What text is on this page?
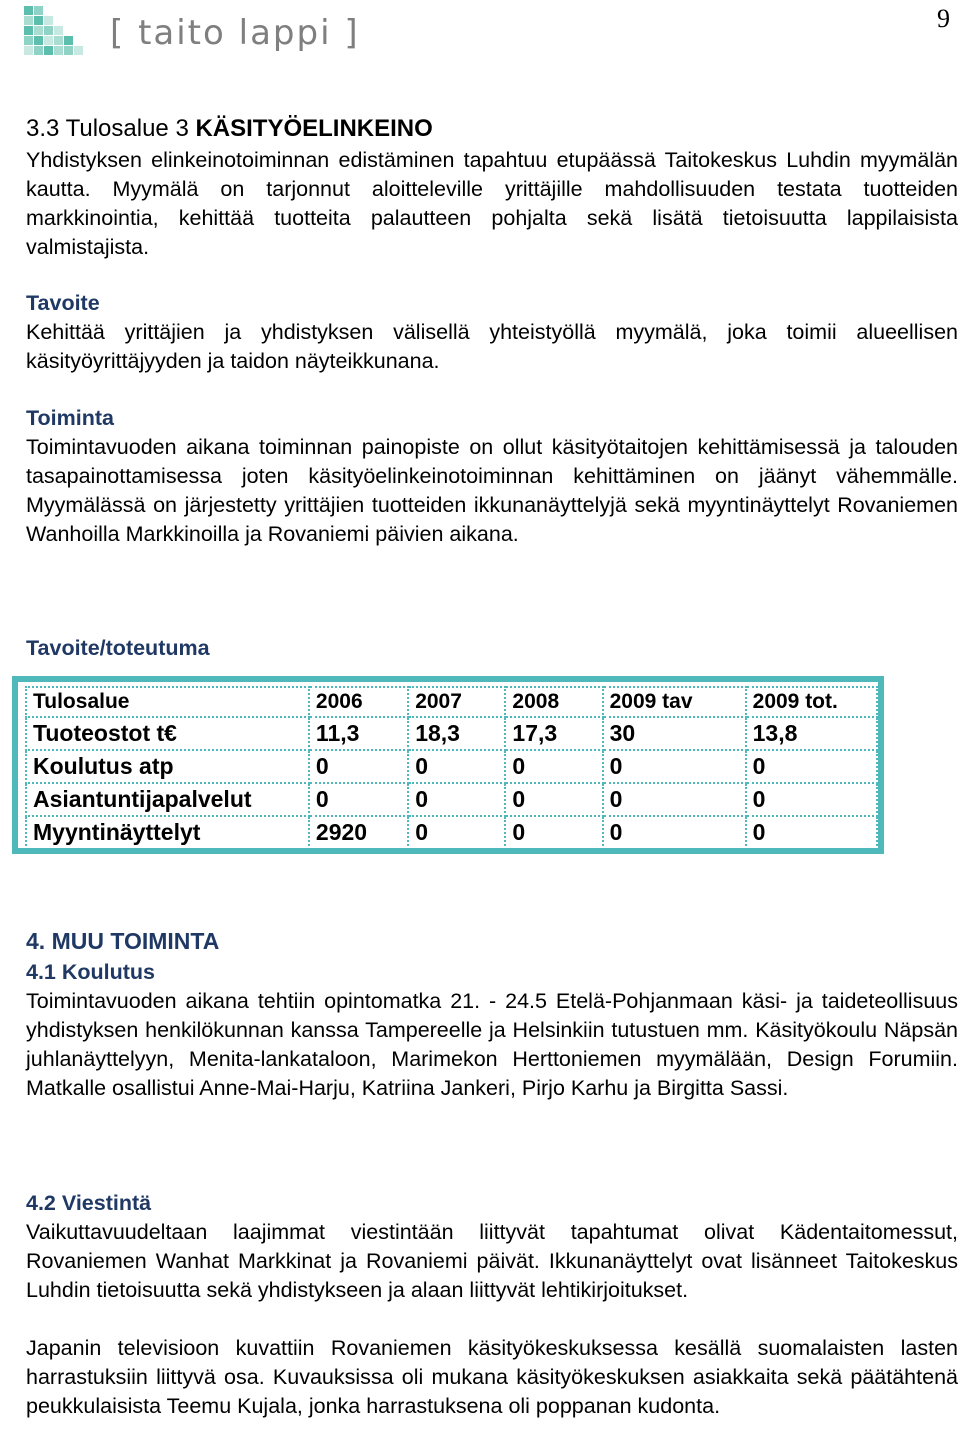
[ taito lappi ]	9
3.3 Tulosalue 3 KÄSITYÖELINKEINO
Yhdistyksen elinkeinotoiminnan edistäminen tapahtuu etupäässä Taitokeskus Luhdin myymälän kautta. Myymälä on tarjonnut aloitteleville yrittäjille mahdollisuuden testata tuotteiden markkinointia, kehittää tuotteita palautteen pohjalta sekä lisätä tietoisuutta lappilaisista valmistajista.
Tavoite
Kehittää yrittäjien ja yhdistyksen välisellä yhteistyöllä myymälä, joka toimii alueellisen käsityöyrittäjyyden ja taidon näyteikkunana.
Toiminta
Toimintavuoden aikana toiminnan painopiste on ollut käsityötaitojen kehittämisessä ja talouden tasapainottamisessa joten käsityöelinkeinotoiminnan kehittäminen on jäänyt vähemmälle. Myymälässä on järjestetty yrittäjien tuotteiden ikkunanäyttelyjä sekä myyntinäyttelyt Rovaniemen Wanhoilla Markkinoilla ja Rovaniemi päivien aikana.
Tavoite/toteutuma
Tulosalue	2006	2007	2008	2009 tav	2009 tot.
Tuoteostot t€	11,3	18,3	17,3	30	13,8
Koulutus atp	0	0	0	0	0
Asiantuntijapalvelut	0	0	0	0	0
Myyntinäyttelyt	2920	0	0	0	0
4. MUU TOIMINTA
4.1 Koulutus
Toimintavuoden aikana tehtiin opintomatka 21. - 24.5 Etelä-Pohjanmaan käsi- ja taideteollisuus yhdistyksen henkilökunnan kanssa Tampereelle ja Helsinkiin tutustuen mm. Käsityökoulu Näpsän juhlanäyttelyyn, Menita-lankataloon, Marimekon Herttoniemen myymälään, Design Forumiin. Matkalle osallistui Anne-Mai-Harju, Katriina Jankeri, Pirjo Karhu ja Birgitta Sassi.
4.2 Viestintä
Vaikuttavuudeltaan laajimmat viestintään liittyvät tapahtumat olivat Kädentaitomessut, Rovaniemen Wanhat Markkinat ja Rovaniemi päivät. Ikkunanäyttelyt ovat lisänneet Taitokeskus Luhdin tietoisuutta sekä yhdistykseen ja alaan liittyvät lehtikirjoitukset.
Japanin televisioon kuvattiin Rovaniemen käsityökeskuksessa kesällä suomalaisten lasten harrastuksiin liittyvä osa. Kuvauksissa oli mukana käsityökeskuksen asiakkaita sekä päätähtenä peukkulaisista Teemu Kujala, jonka harrastuksena oli poppanan kudonta.
